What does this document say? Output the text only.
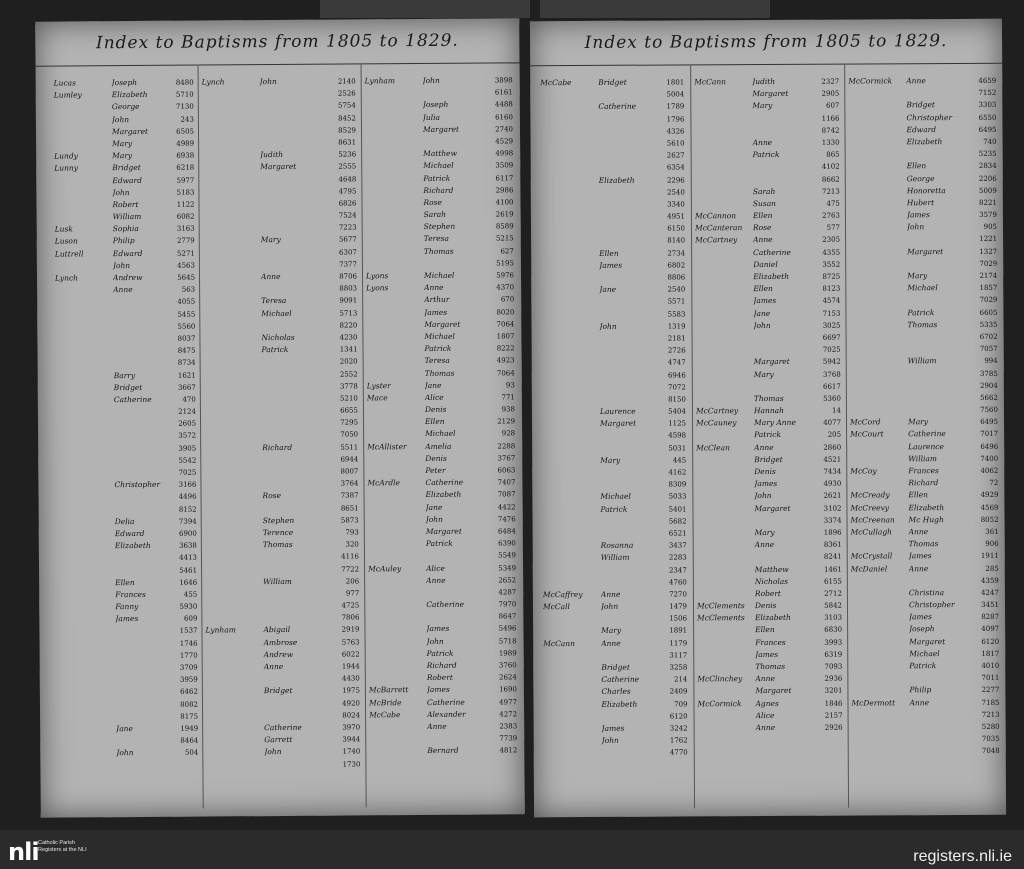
Index to Baptisms from 1805 to 1829.
Lucas	Joseph	8480
Lumley	Elizabeth	5710
George	7130
John	243
Margaret	6505
Mary	4989
Lundy	Mary	6938
Lunny	Bridget	6218
Edward	5977
John	5183
Robert	1122
William	6082
Lusk	Sophia	3163
Luson	Philip	2779
Luttrell	Edward	5271
John	4563
Lynch	Andrew	5645
Anne	563
4055
5455
5560
8037
8475
8734
Barry	1621
Bridget	3667
Catherine	470
2124
2605
3572
3905
5542
7025
Christopher	3166
4496
8152
Delia	7394
Edward	6900
Elizabeth	3638
4413
5461
Ellen	1646
Frances	455
Fanny	5930
James	609
1537
1746
1770
3709
3959
6462
8082
8175
Jane	1949
8464
John	504
Lynch	John	2140
2526
5754
8452
8529
8631
Judith	5236
Margaret	2555
4648
4795
6826
7524
7223
Mary	5677
6307
7377
Anne	8706
8803
Teresa	9091
Michael	5713
8220
Nicholas	4230
Patrick	1341
2020
2552
3778
5210
6655
7295
7050
Richard	5511
6944
8007
3764
Rose	7387
8651
Stephen	5873
Terence	793
Thomas	320
4116
7722
William	206
977
4725
7806
Lynham	Abigail	2919
Ambrose	5763
Andrew	6022
Anne	1944
4430
Bridget	1975
4920
8024
Catherine	3970
Garrett	3944
John	1740
1730
Lynham	John	3898
6161
Joseph	4488
Julia	6160
Margaret	2740
4529
Matthew	4998
Michael	3509
Patrick	6117
Richard	2986
Rose	4100
Sarah	2619
Stephen	8589
Teresa	5215
Thomas	627
5195
Lyons	Michael	5976
Lyons	Anne	4370
Arthur	670
James	8020
Margaret	7064
Michael	1807
Patrick	8222
Teresa	4923
Thomas	7064
Lyster	Jane	93
Mace	Alice	771
Denis	938
Ellen	2129
Michael	928
McAllister Amelia	2288
Denis	3767
Peter	6063
McArdle	Catherine	7407
Elizabeth	7087
Jane	4422
John	7476
Margaret	6484
Patrick	6390
5549
McAuley	Alice	5349
Anne	2652
4287
Catherine	7970
8647
James	5496
John	5718
Patrick	1989
Richard	3760
Robert	2624
McBarrett James	1690
McBride	Catherine	4977
McCabe	Alexander	4272
Anne	2383
7739
Bernard	4812
Index to Baptisms from 1805 to 1829.
McCabe	Bridget	1801
5004
Catherine	1789
1796
4326
5610
2627
6354
Elizabeth	2296
2540
3340
4951
6150
8140
Ellen	2734
James	6802
8806
Jane	2540
5571
5583
John	1319
2181
2726
4747
6946
7072
8150
Laurence	5404
Margaret	1125
4598
5031
Mary	445
4162
8309
Michael	5033
Patrick	5401
5682
6521
Rosanna	3437
William	2283
2347
4760
McCaffrey Anne	7270
McCall	John	1479
1506
Mary	1891
McCann	Anne	1179
3117
Bridget	3258
Catherine	214
Charles	2409
Elizabeth	709
6120
James	3242
John	1762
4770
McCann	Judith	2327
Margaret	2905
Mary	607
1166
8742
Anne	1330
Patrick	865
4102
8662
Sarah	7213
Susan	475
McCannon Ellen	2763
McCanteran Rose	577
McCartney Anne	2305
Catherine	4355
Daniel	3552
Elizabeth	8725
Ellen	8123
James	4574
Jane	7153
John	3025
6697
7025
Margaret	5942
Mary	3768
6617
Thomas	5360
McCartney Hannah	14
McCauney Mary Anne	4077
Patrick	205
McClean	Anne	2860
Bridget	4521
Denis	7434
James	4930
John	2621
Margaret	3102
3374
Mary	1896
Anne	8361
8241
Matthew	1461
Nicholas	6155
Robert	2712
McClements Denis	5842
McClements Elizabeth	3103
Ellen	6830
Frances	3993
James	6319
Thomas	7093
McClinchey Anne	2936
Margaret	3201
McCormick Agnes	1846
Alice	2157
Anne	2926
McCormick Anne	4659
7152
Bridget	3303
Christopher	6550
Edward	6495
Elizabeth	740
5235
Ellen	2834
George	2206
Honoretta	5009
Hubert	8221
James	3579
John	905
1221
Margaret	1327
7029
Mary	2174
Michael	1857
7029
Patrick	6605
Thomas	5335
6702
7057
William	994
3785
2904
5662
7560
McCord	Mary	6495
McCourt	Catherine	7017
Laurence	6496
William	7400
McCoy	Frances	4062
Richard	72
McCready	Ellen	4929
McCreevy	Elizabeth	4569
McCreenan Mc Hugh	8052
McCullagh Anne	361
Thomas	906
McCrystall James	1911
McDaniel	Anne	285
4359
Christina	4247
Christopher	3451
James	8287
Joseph	4097
Margaret	6120
Michael	1817
Patrick	4010
7011
Philip	2277
McDermott Anne	7185
7213
5280
7035
7048
nli Catholic Parish Registers at the NLI	registers.nli.ie
